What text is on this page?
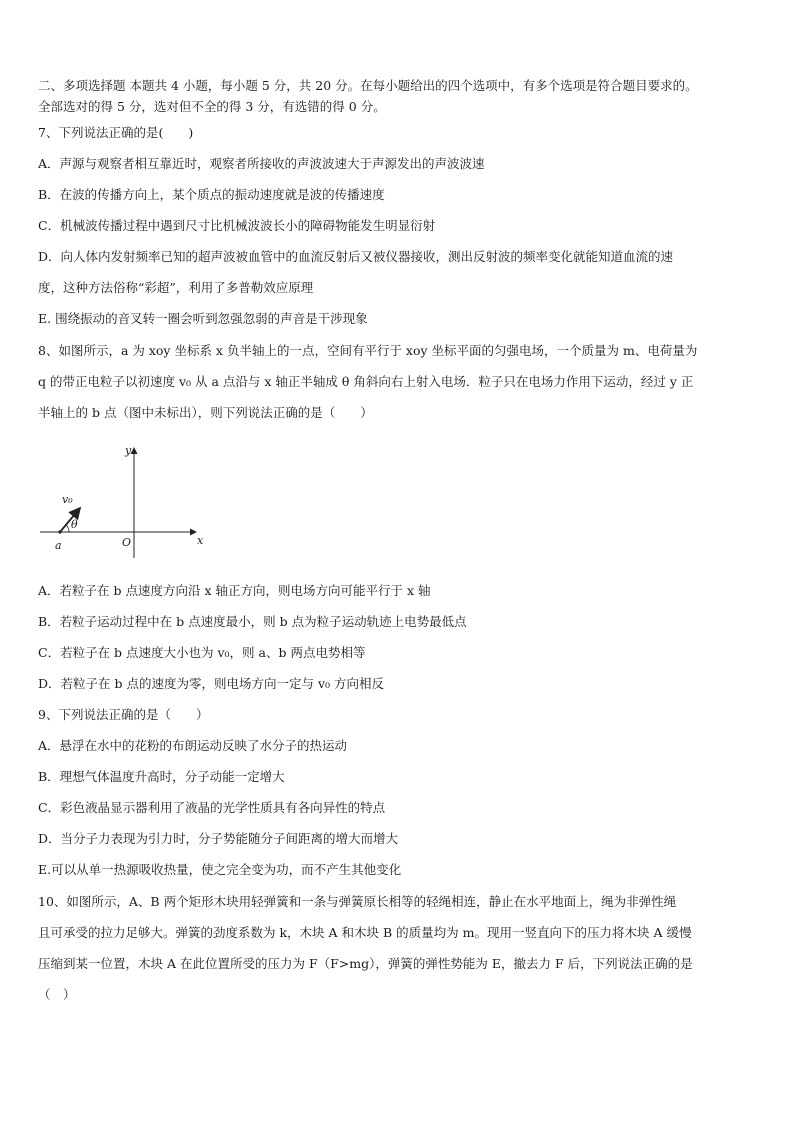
二、多项选择题 本题共 4 小题，每小题 5 分，共 20 分。在每小题给出的四个选项中，有多个选项是符合题目要求的。
全部选对的得 5 分，选对但不全的得 3 分，有选错的得 0 分。
7、下列说法正确的是(　　)
A．声源与观察者相互靠近时，观察者所接收的声波波速大于声源发出的声波波速
B．在波的传播方向上，某个质点的振动速度就是波的传播速度
C．机械波传播过程中遇到尺寸比机械波波长小的障碍物能发生明显衍射
D．向人体内发射频率已知的超声波被血管中的血流反射后又被仪器接收，测出反射波的频率变化就能知道血流的速
度，这种方法俗称“彩超”，利用了多普勒效应原理
E. 围绕振动的音叉转一圈会听到忽强忽弱的声音是干涉现象
8、如图所示，a 为 xoy 坐标系 x 负半轴上的一点，空间有平行于 xoy 坐标平面的匀强电场，一个质量为 m、电荷量为
q 的带正电粒子以初速度 v₀ 从 a 点沿与 x 轴正半轴成 θ 角斜向右上射入电场．粒子只在电场力作用下运动，经过 y 正
半轴上的 b 点（图中未标出），则下列说法正确的是（　　）
y
x
O
a
v₀
θ
A．若粒子在 b 点速度方向沿 x 轴正方向，则电场方向可能平行于 x 轴
B．若粒子运动过程中在 b 点速度最小，则 b 点为粒子运动轨迹上电势最低点
C．若粒子在 b 点速度大小也为 v₀，则 a、b 两点电势相等
D．若粒子在 b 点的速度为零，则电场方向一定与 v₀ 方向相反
9、下列说法正确的是（　　）
A．悬浮在水中的花粉的布朗运动反映了水分子的热运动
B．理想气体温度升高时，分子动能一定增大
C．彩色液晶显示器利用了液晶的光学性质具有各向异性的特点
D．当分子力表现为引力时，分子势能随分子间距离的增大而增大
E.可以从单一热源吸收热量，使之完全变为功，而不产生其他变化
10、如图所示，A、B 两个矩形木块用轻弹簧和一条与弹簧原长相等的轻绳相连，静止在水平地面上，绳为非弹性绳
且可承受的拉力足够大。弹簧的劲度系数为 k，木块 A 和木块 B 的质量均为 m。现用一竖直向下的压力将木块 A 缓慢
压缩到某一位置，木块 A 在此位置所受的压力为 F（F>mg），弹簧的弹性势能为 E，撤去力 F 后，下列说法正确的是
（　）
